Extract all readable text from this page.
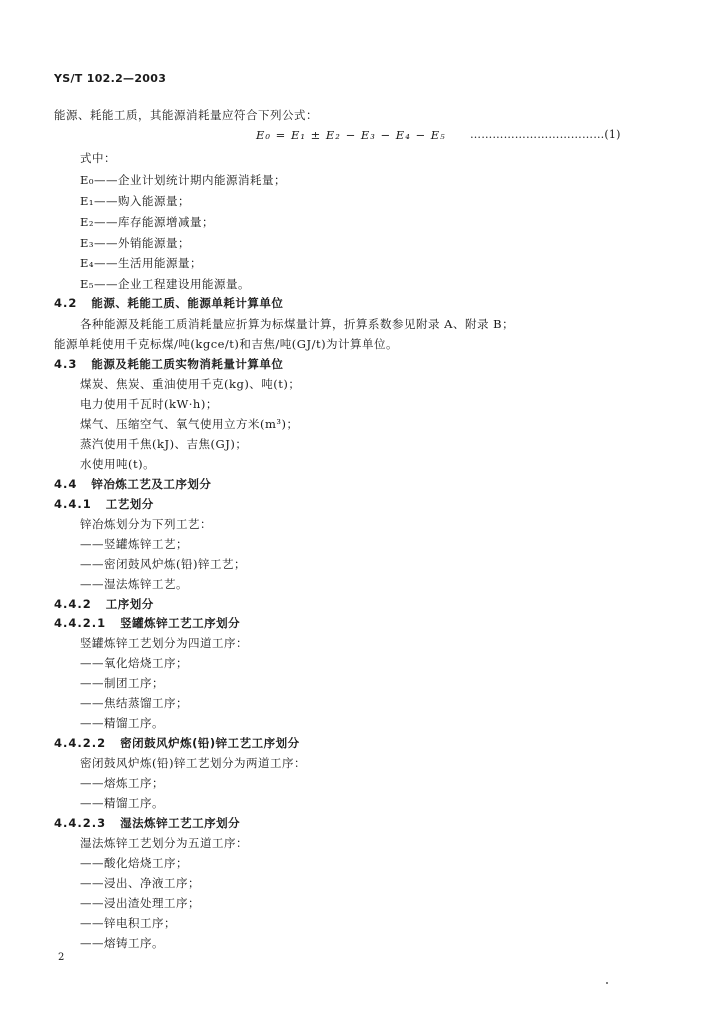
YS/T 102.2—2003
能源、耗能工质，其能源消耗量应符合下列公式：
E₀ = E₁ ± E₂ − E₃ − E₄ − E₅ ………………………………(1)
式中：
E₀——企业计划统计期内能源消耗量；
E₁——购入能源量；
E₂——库存能源增减量；
E₃——外销能源量；
E₄——生活用能源量；
E₅——企业工程建设用能源量。
4.2 能源、耗能工质、能源单耗计算单位
各种能源及耗能工质消耗量应折算为标煤量计算，折算系数参见附录 A、附录 B；
能源单耗使用千克标煤/吨(kgce/t)和吉焦/吨(GJ/t)为计算单位。
4.3 能源及耗能工质实物消耗量计算单位
煤炭、焦炭、重油使用千克(kg)、吨(t)；
电力使用千瓦时(kW·h)；
煤气、压缩空气、氧气使用立方米(m³)；
蒸汽使用千焦(kJ)、吉焦(GJ)；
水使用吨(t)。
4.4 锌冶炼工艺及工序划分
4.4.1 工艺划分
锌冶炼划分为下列工艺：
——竖罐炼锌工艺；
——密闭鼓风炉炼(铅)锌工艺；
——湿法炼锌工艺。
4.4.2 工序划分
4.4.2.1 竖罐炼锌工艺工序划分
竖罐炼锌工艺划分为四道工序：
——氧化焙烧工序；
——制团工序；
——焦结蒸馏工序；
——精馏工序。
4.4.2.2 密闭鼓风炉炼(铅)锌工艺工序划分
密闭鼓风炉炼(铅)锌工艺划分为两道工序：
——熔炼工序；
——精馏工序。
4.4.2.3 湿法炼锌工艺工序划分
湿法炼锌工艺划分为五道工序：
——酸化焙烧工序；
——浸出、净液工序；
——浸出渣处理工序；
——锌电积工序；
——熔铸工序。
2
